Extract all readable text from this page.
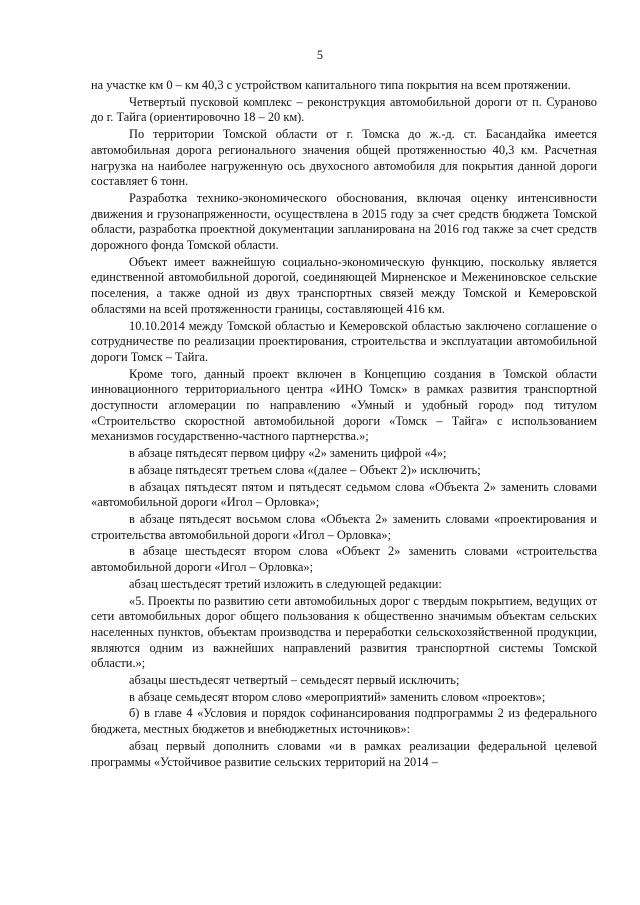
5

на участке км 0 – км 40,3 с устройством капитального типа покрытия на всем протяжении.

Четвертый пусковой комплекс – реконструкция автомобильной дороги от п. Сураново до г. Тайга (ориентировочно 18 – 20 км).

По территории Томской области от г. Томска до ж.-д. ст. Басандайка имеется автомобильная дорога регионального значения общей протяженностью 40,3 км. Расчетная нагрузка на наиболее нагруженную ось двухосного автомобиля для покрытия данной дороги составляет 6 тонн.

Разработка технико-экономического обоснования, включая оценку интенсивности движения и грузонапряженности, осуществлена в 2015 году за счет средств бюджета Томской области, разработка проектной документации запланирована на 2016 год также за счет средств дорожного фонда Томской области.

Объект имеет важнейшую социально-экономическую функцию, поскольку является единственной автомобильной дорогой, соединяющей Мирненское и Межениновское сельские поселения, а также одной из двух транспортных связей между Томской и Кемеровской областями на всей протяженности границы, составляющей 416 км.

10.10.2014 между Томской областью и Кемеровской областью заключено соглашение о сотрудничестве по реализации проектирования, строительства и эксплуатации автомобильной дороги Томск – Тайга.

Кроме того, данный проект включен в Концепцию создания в Томской области инновационного территориального центра «ИНО Томск» в рамках развития транспортной доступности агломерации по направлению «Умный и удобный город» под титулом «Строительство скоростной автомобильной дороги «Томск – Тайга» с использованием механизмов государственно-частного партнерства.»;

в абзаце пятьдесят первом цифру «2» заменить цифрой «4»;

в абзаце пятьдесят третьем слова «(далее – Объект 2)» исключить;

в абзацах пятьдесят пятом и пятьдесят седьмом слова «Объекта 2» заменить словами «автомобильной дороги «Игол – Орловка»;

в абзаце пятьдесят восьмом слова «Объекта 2» заменить словами «проектирования и строительства автомобильной дороги «Игол – Орловка»;

в абзаце шестьдесят втором слова «Объект 2» заменить словами «строительства автомобильной дороги «Игол – Орловка»;

абзац шестьдесят третий изложить в следующей редакции:

«5. Проекты по развитию сети автомобильных дорог с твердым покрытием, ведущих от сети автомобильных дорог общего пользования к общественно значимым объектам сельских населенных пунктов, объектам производства и переработки сельскохозяйственной продукции, являются одним из важнейших направлений развития транспортной системы Томской области.»;

абзацы шестьдесят четвертый – семьдесят первый исключить;

в абзаце семьдесят втором слово «мероприятий» заменить словом «проектов»;

б) в главе 4 «Условия и порядок софинансирования подпрограммы 2 из федерального бюджета, местных бюджетов и внебюджетных источников»:

абзац первый дополнить словами «и в рамках реализации федеральной целевой программы «Устойчивое развитие сельских территорий на 2014 –
